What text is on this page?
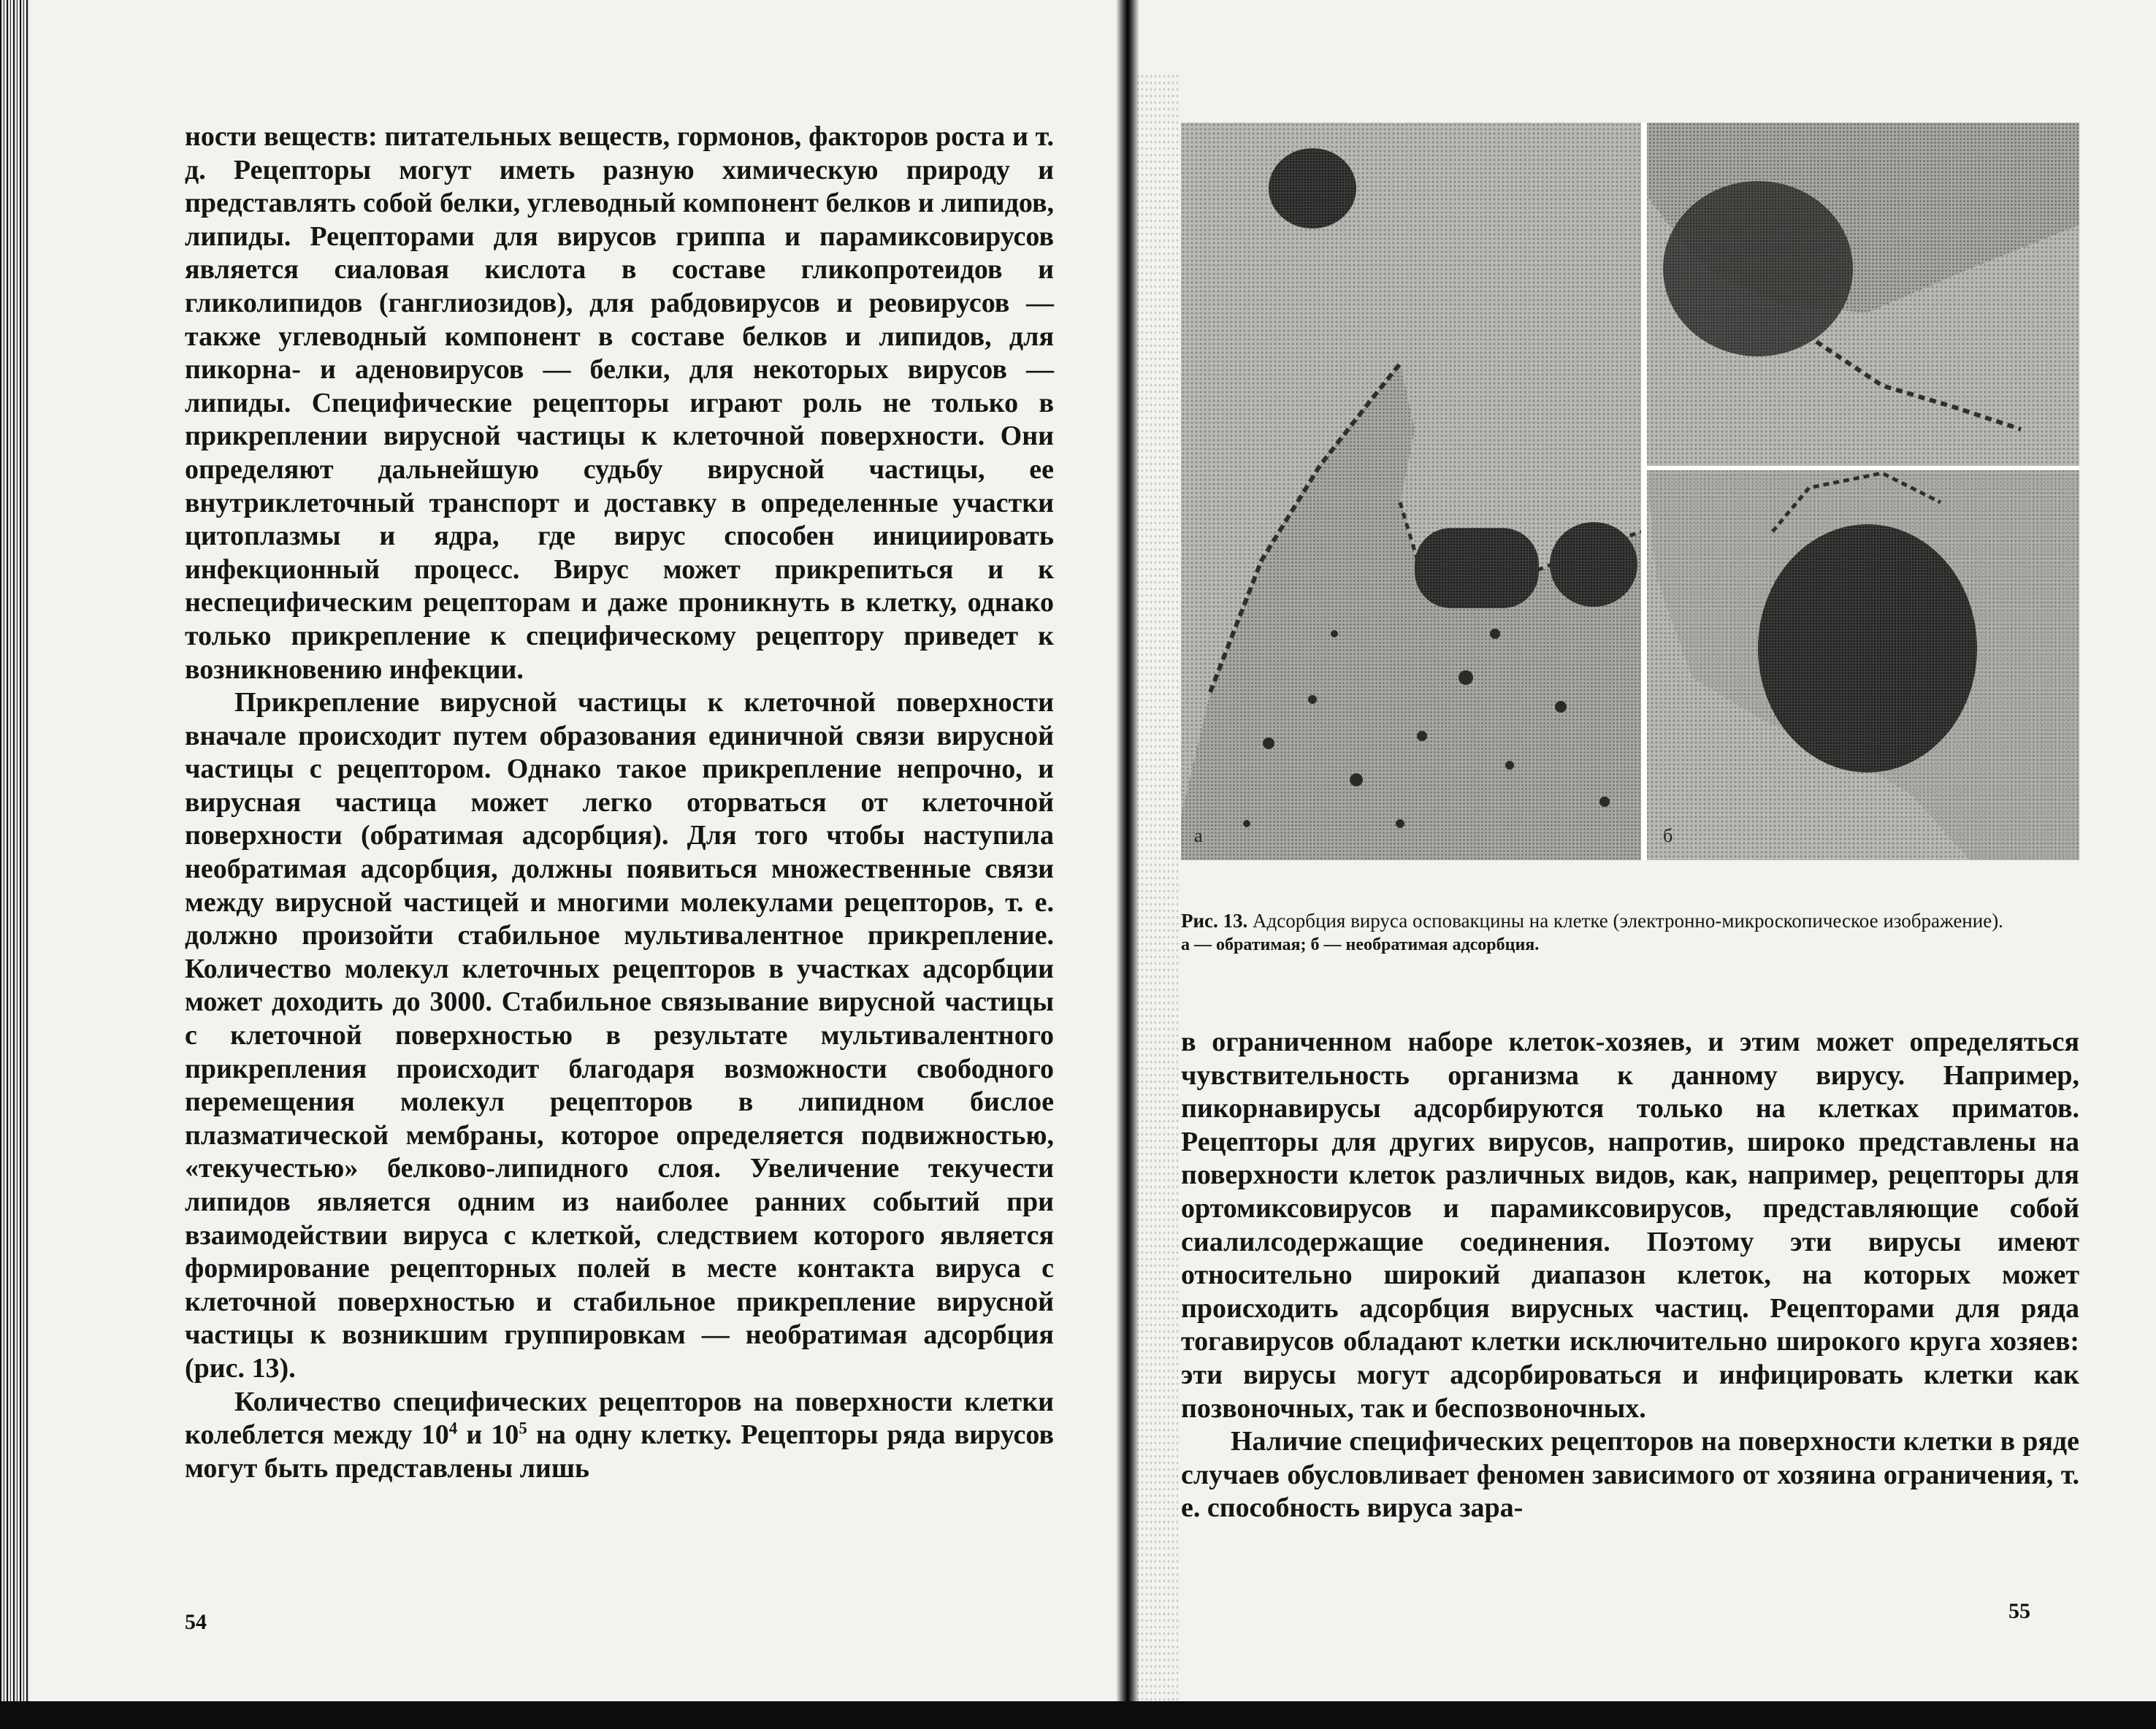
ности веществ: питательных веществ, гормонов, факторов роста и т. д. Рецепторы могут иметь разную химическую природу и представлять собой белки, углеводный компонент белков и липидов, липиды. Рецепторами для вирусов гриппа и парамиксовирусов является сиаловая кислота в составе гликопротеидов и гликолипидов (ганглиозидов), для рабдовирусов и реовирусов — также углеводный компонент в составе белков и липидов, для пикорна- и аденовирусов — белки, для некоторых вирусов — липиды. Специфические рецепторы играют роль не только в прикреплении вирусной частицы к клеточной поверхности. Они определяют дальнейшую судьбу вирусной частицы, ее внутриклеточный транспорт и доставку в определенные участки цитоплазмы и ядра, где вирус способен инициировать инфекционный процесс. Вирус может прикрепиться и к неспецифическим рецепторам и даже проникнуть в клетку, однако только прикрепление к специфическому рецептору приведет к возникновению инфекции.

Прикрепление вирусной частицы к клеточной поверхности вначале происходит путем образования единичной связи вирусной частицы с рецептором. Однако такое прикрепление непрочно, и вирусная частица может легко оторваться от клеточной поверхности (обратимая адсорбция). Для того чтобы наступила необратимая адсорбция, должны появиться множественные связи между вирусной частицей и многими молекулами рецепторов, т. е. должно произойти стабильное мультивалентное прикрепление. Количество молекул клеточных рецепторов в участках адсорбции может доходить до 3000. Стабильное связывание вирусной частицы с клеточной поверхностью в результате мультивалентного прикрепления происходит благодаря возможности свободного перемещения молекул рецепторов в липидном бислое плазматической мембраны, которое определяется подвижностью, «текучестью» белково-липидного слоя. Увеличение текучести липидов является одним из наиболее ранних событий при взаимодействии вируса с клеткой, следствием которого является формирование рецепторных полей в месте контакта вируса с клеточной поверхностью и стабильное прикрепление вирусной частицы к возникшим группировкам — необратимая адсорбция (рис. 13).

Количество специфических рецепторов на поверхности клетки колеблется между $10^4$ и $10^5$ на одну клетку. Рецепторы ряда вирусов могут быть представлены лишь

54
а	б

Рис. 13. Адсорбция вируса осповакцины на клетке (электронно-микроскопическое изображение).

а — обратимая; б — необратимая адсорбция.

в ограниченном наборе клеток-хозяев, и этим может определяться чувствительность организма к данному вирусу. Например, пикорнавирусы адсорбируются только на клетках приматов. Рецепторы для других вирусов, напротив, широко представлены на поверхности клеток различных видов, как, например, рецепторы для ортомиксовирусов и парамиксовирусов, представляющие собой сиалилсодержащие соединения. Поэтому эти вирусы имеют относительно широкий диапазон клеток, на которых может происходить адсорбция вирусных частиц. Рецепторами для ряда тогавирусов обладают клетки исключительно широкого круга хозяев: эти вирусы могут адсорбироваться и инфицировать клетки как позвоночных, так и беспозвоночных.

Наличие специфических рецепторов на поверхности клетки в ряде случаев обусловливает феномен зависимого от хозяина ограничения, т. е. способность вируса зара-

55
